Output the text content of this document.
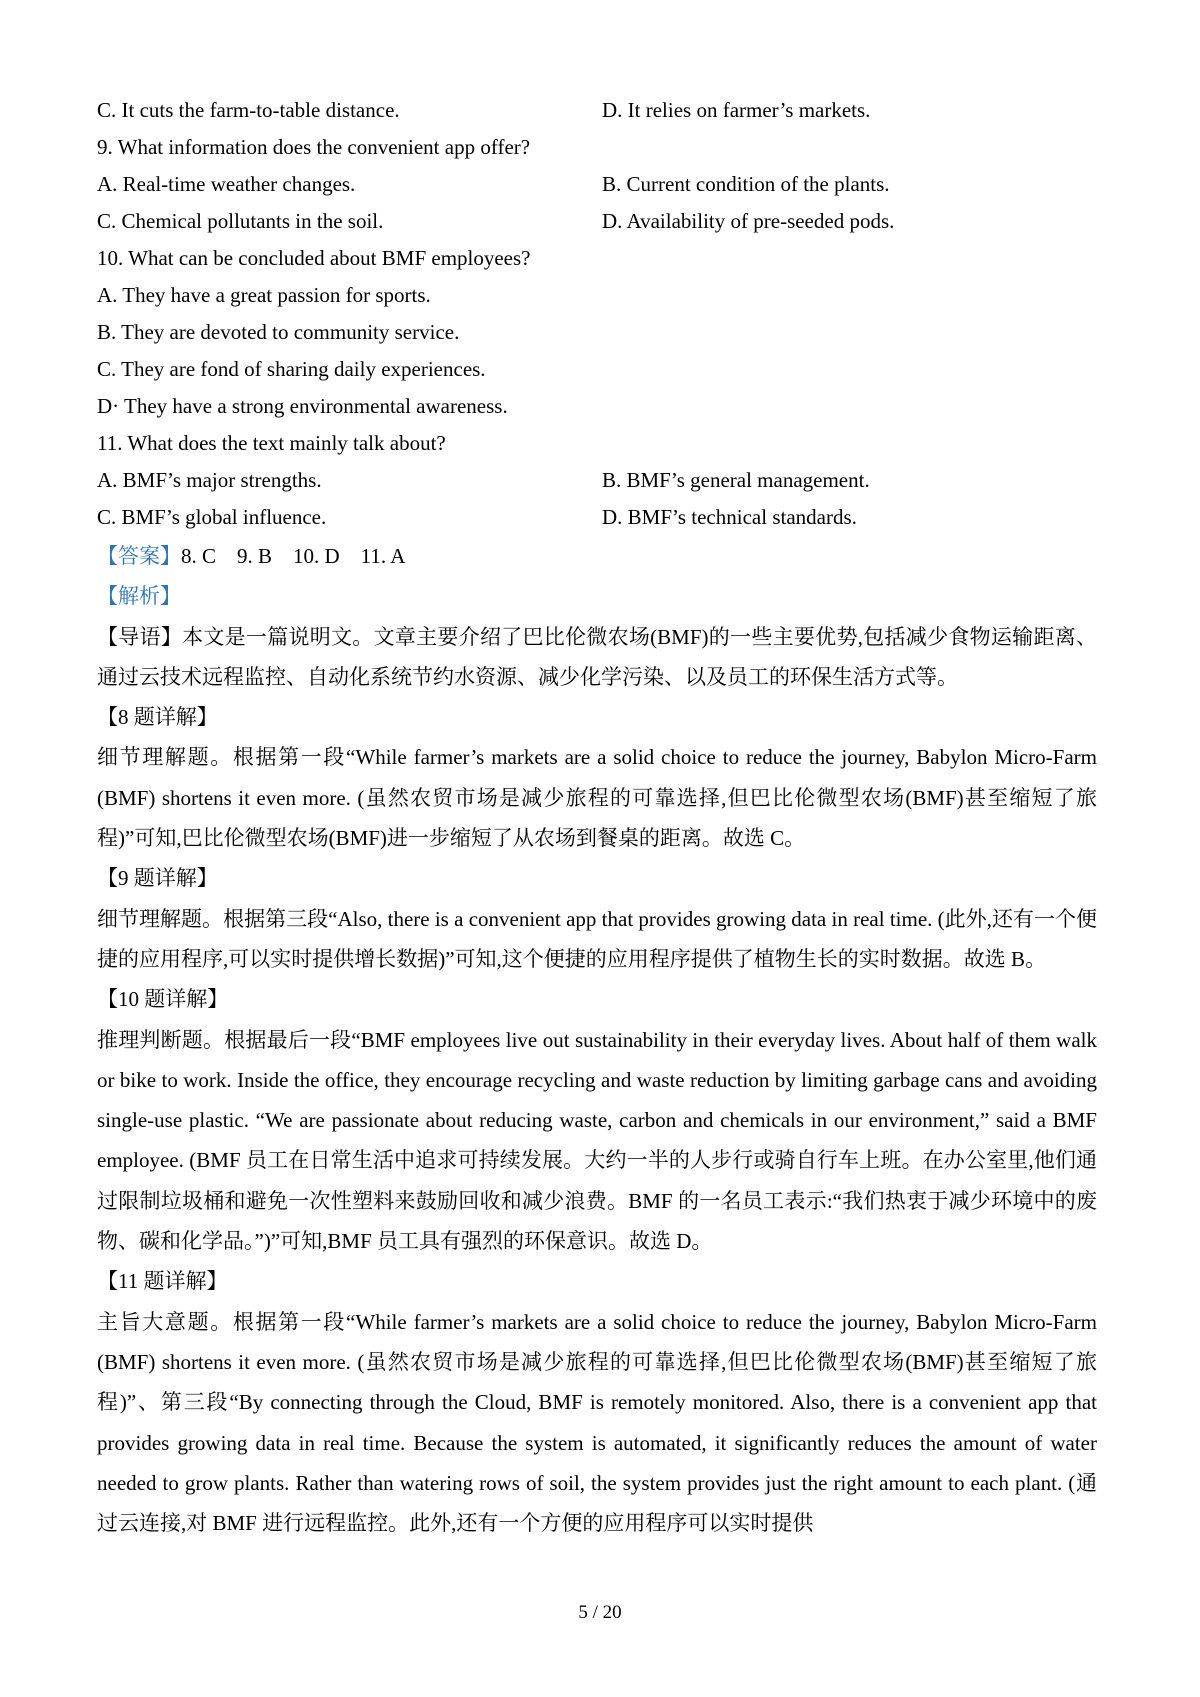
C. It cuts the farm-to-table distance.	D. It relies on farmer’s markets.
9. What information does the convenient app offer?
A. Real-time weather changes.	B. Current condition of the plants.
C. Chemical pollutants in the soil.	D. Availability of pre-seeded pods.
10. What can be concluded about BMF employees?
A. They have a great passion for sports.
B. They are devoted to community service.
C. They are fond of sharing daily experiences.
D· They have a strong environmental awareness.
11. What does the text mainly talk about?
A. BMF’s major strengths.	B. BMF’s general management.
C. BMF’s global influence.	D. BMF’s technical standards.
【答案】8. C    9. B    10. D    11. A
【解析】
【导语】本文是一篇说明文。文章主要介绍了巴比伦微农场(BMF)的一些主要优势,包括减少食物运输距离、通过云技术远程监控、自动化系统节约水资源、减少化学污染、以及员工的环保生活方式等。
【8 题详解】
细节理解题。根据第一段“While farmer’s markets are a solid choice to reduce the journey, Babylon Micro-Farm (BMF) shortens it even more. (虽然农贸市场是减少旅程的可靠选择,但巴比伦微型农场(BMF)甚至缩短了旅程)”可知,巴比伦微型农场(BMF)进一步缩短了从农场到餐桌的距离。故选 C。
【9 题详解】
细节理解题。根据第三段“Also, there is a convenient app that provides growing data in real time. (此外,还有一个便捷的应用程序,可以实时提供增长数据)”可知,这个便捷的应用程序提供了植物生长的实时数据。故选 B。
【10 题详解】
推理判断题。根据最后一段“BMF employees live out sustainability in their everyday lives. About half of them walk or bike to work. Inside the office, they encourage recycling and waste reduction by limiting garbage cans and avoiding single-use plastic. “We are passionate about reducing waste, carbon and chemicals in our environment,” said a BMF employee. (BMF 员工在日常生活中追求可持续发展。大约一半的人步行或骑自行车上班。在办公室里,他们通过限制垃圾桶和避免一次性塑料来鼓励回收和减少浪费。BMF 的一名员工表示:“我们热衷于减少环境中的废物、碳和化学品。”)”可知,BMF 员工具有强烈的环保意识。故选 D。
【11 题详解】
主旨大意题。根据第一段“While farmer’s markets are a solid choice to reduce the journey, Babylon Micro-Farm (BMF) shortens it even more. (虽然农贸市场是减少旅程的可靠选择,但巴比伦微型农场(BMF)甚至缩短了旅程)”、第三段“By connecting through the Cloud, BMF is remotely monitored. Also, there is a convenient app that provides growing data in real time. Because the system is automated, it significantly reduces the amount of water needed to grow plants. Rather than watering rows of soil, the system provides just the right amount to each plant. (通过云连接,对 BMF 进行远程监控。此外,还有一个方便的应用程序可以实时提供
5 / 20
